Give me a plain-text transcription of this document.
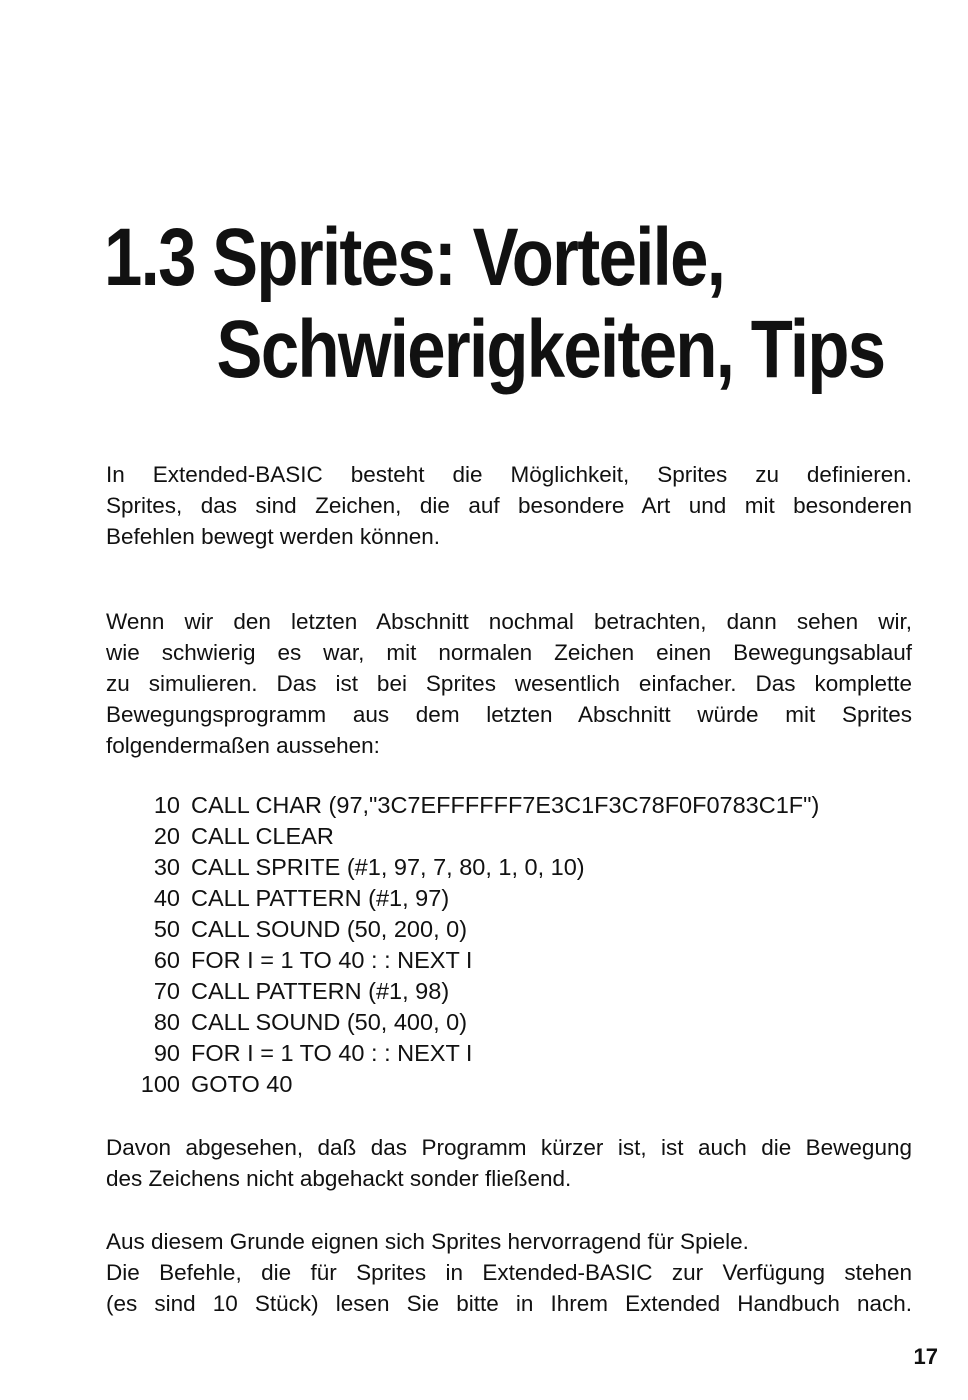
1.3 Sprites: Vorteile,
Schwierigkeiten, Tips

In Extended-BASIC besteht die Möglichkeit, Sprites zu definieren.
Sprites, das sind Zeichen, die auf besondere Art und mit besonderen
Befehlen bewegt werden können.

Wenn wir den letzten Abschnitt nochmal betrachten, dann sehen wir,
wie schwierig es war, mit normalen Zeichen einen Bewegungsablauf
zu simulieren. Das ist bei Sprites wesentlich einfacher. Das komplette
Bewegungsprogramm aus dem letzten Abschnitt würde mit Sprites
folgendermaßen aussehen:

10 CALL CHAR (97,"3C7EFFFFFF7E3C1F3C78F0F0783C1F")
20 CALL CLEAR
30 CALL SPRITE (#1, 97, 7, 80, 1, 0, 10)
40 CALL PATTERN (#1, 97)
50 CALL SOUND (50, 200, 0)
60 FOR I = 1 TO 40 : : NEXT I
70 CALL PATTERN (#1, 98)
80 CALL SOUND (50, 400, 0)
90 FOR I = 1 TO 40 : : NEXT I
100 GOTO 40

Davon abgesehen, daß das Programm kürzer ist, ist auch die Bewegung
des Zeichens nicht abgehackt sonder fließend.

Aus diesem Grunde eignen sich Sprites hervorragend für Spiele.
Die Befehle, die für Sprites in Extended-BASIC zur Verfügung stehen
(es sind 10 Stück) lesen Sie bitte in Ihrem Extended Handbuch nach.

17
